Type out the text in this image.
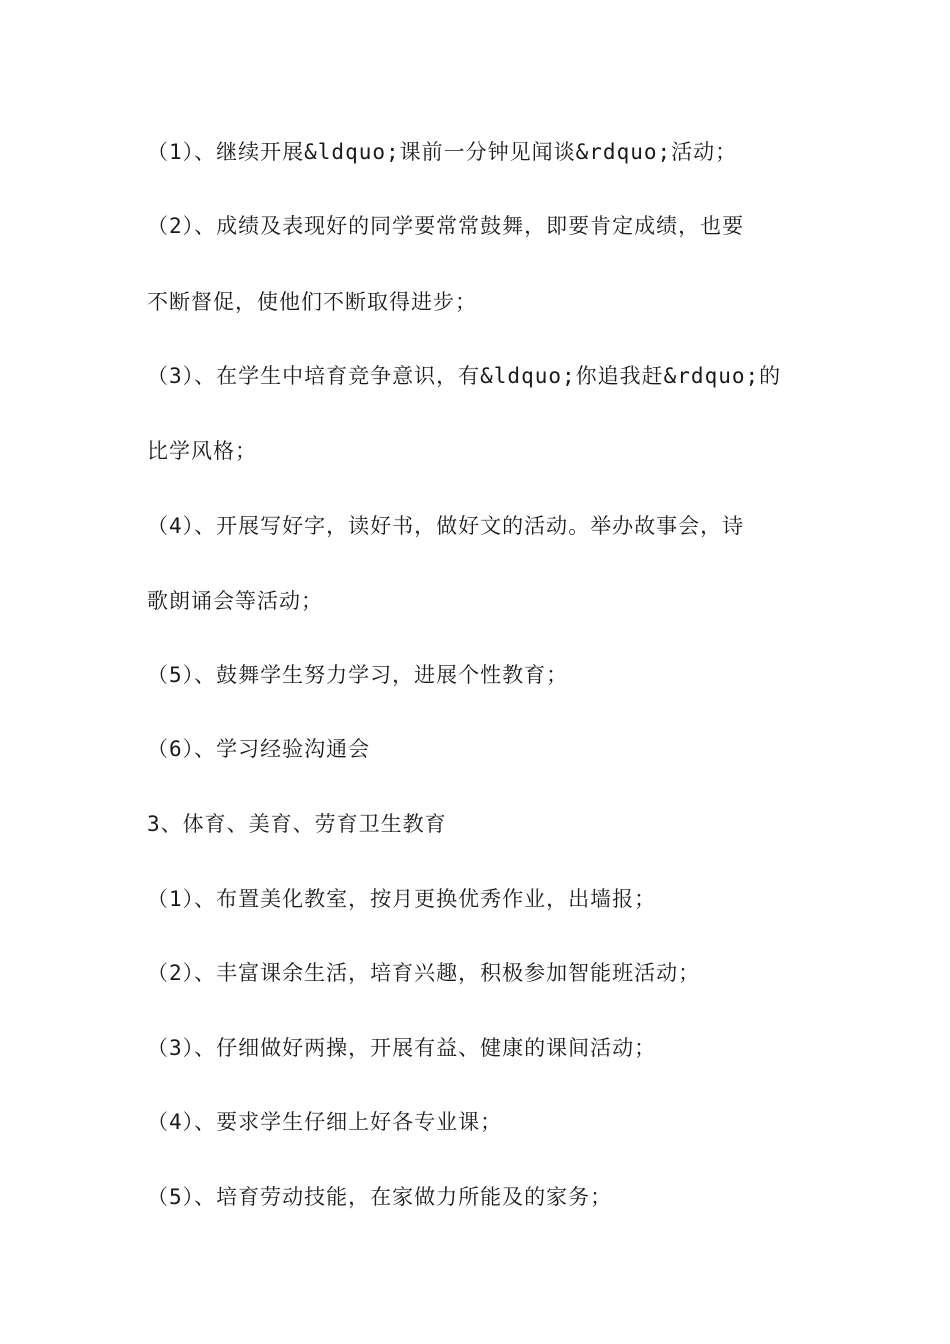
（1）、继续开展&ldquo;课前一分钟见闻谈&rdquo;活动；
（2）、成绩及表现好的同学要常常鼓舞，即要肯定成绩，也要
不断督促，使他们不断取得进步；
（3）、在学生中培育竞争意识，有&ldquo;你追我赶&rdquo;的
比学风格；
（4）、开展写好字，读好书，做好文的活动。举办故事会，诗
歌朗诵会等活动；
（5）、鼓舞学生努力学习，进展个性教育；
（6）、学习经验沟通会
3、体育、美育、劳育卫生教育
（1）、布置美化教室，按月更换优秀作业，出墙报；
（2）、丰富课余生活，培育兴趣，积极参加智能班活动；
（3）、仔细做好两操，开展有益、健康的课间活动；
（4）、要求学生仔细上好各专业课；
（5）、培育劳动技能，在家做力所能及的家务；
